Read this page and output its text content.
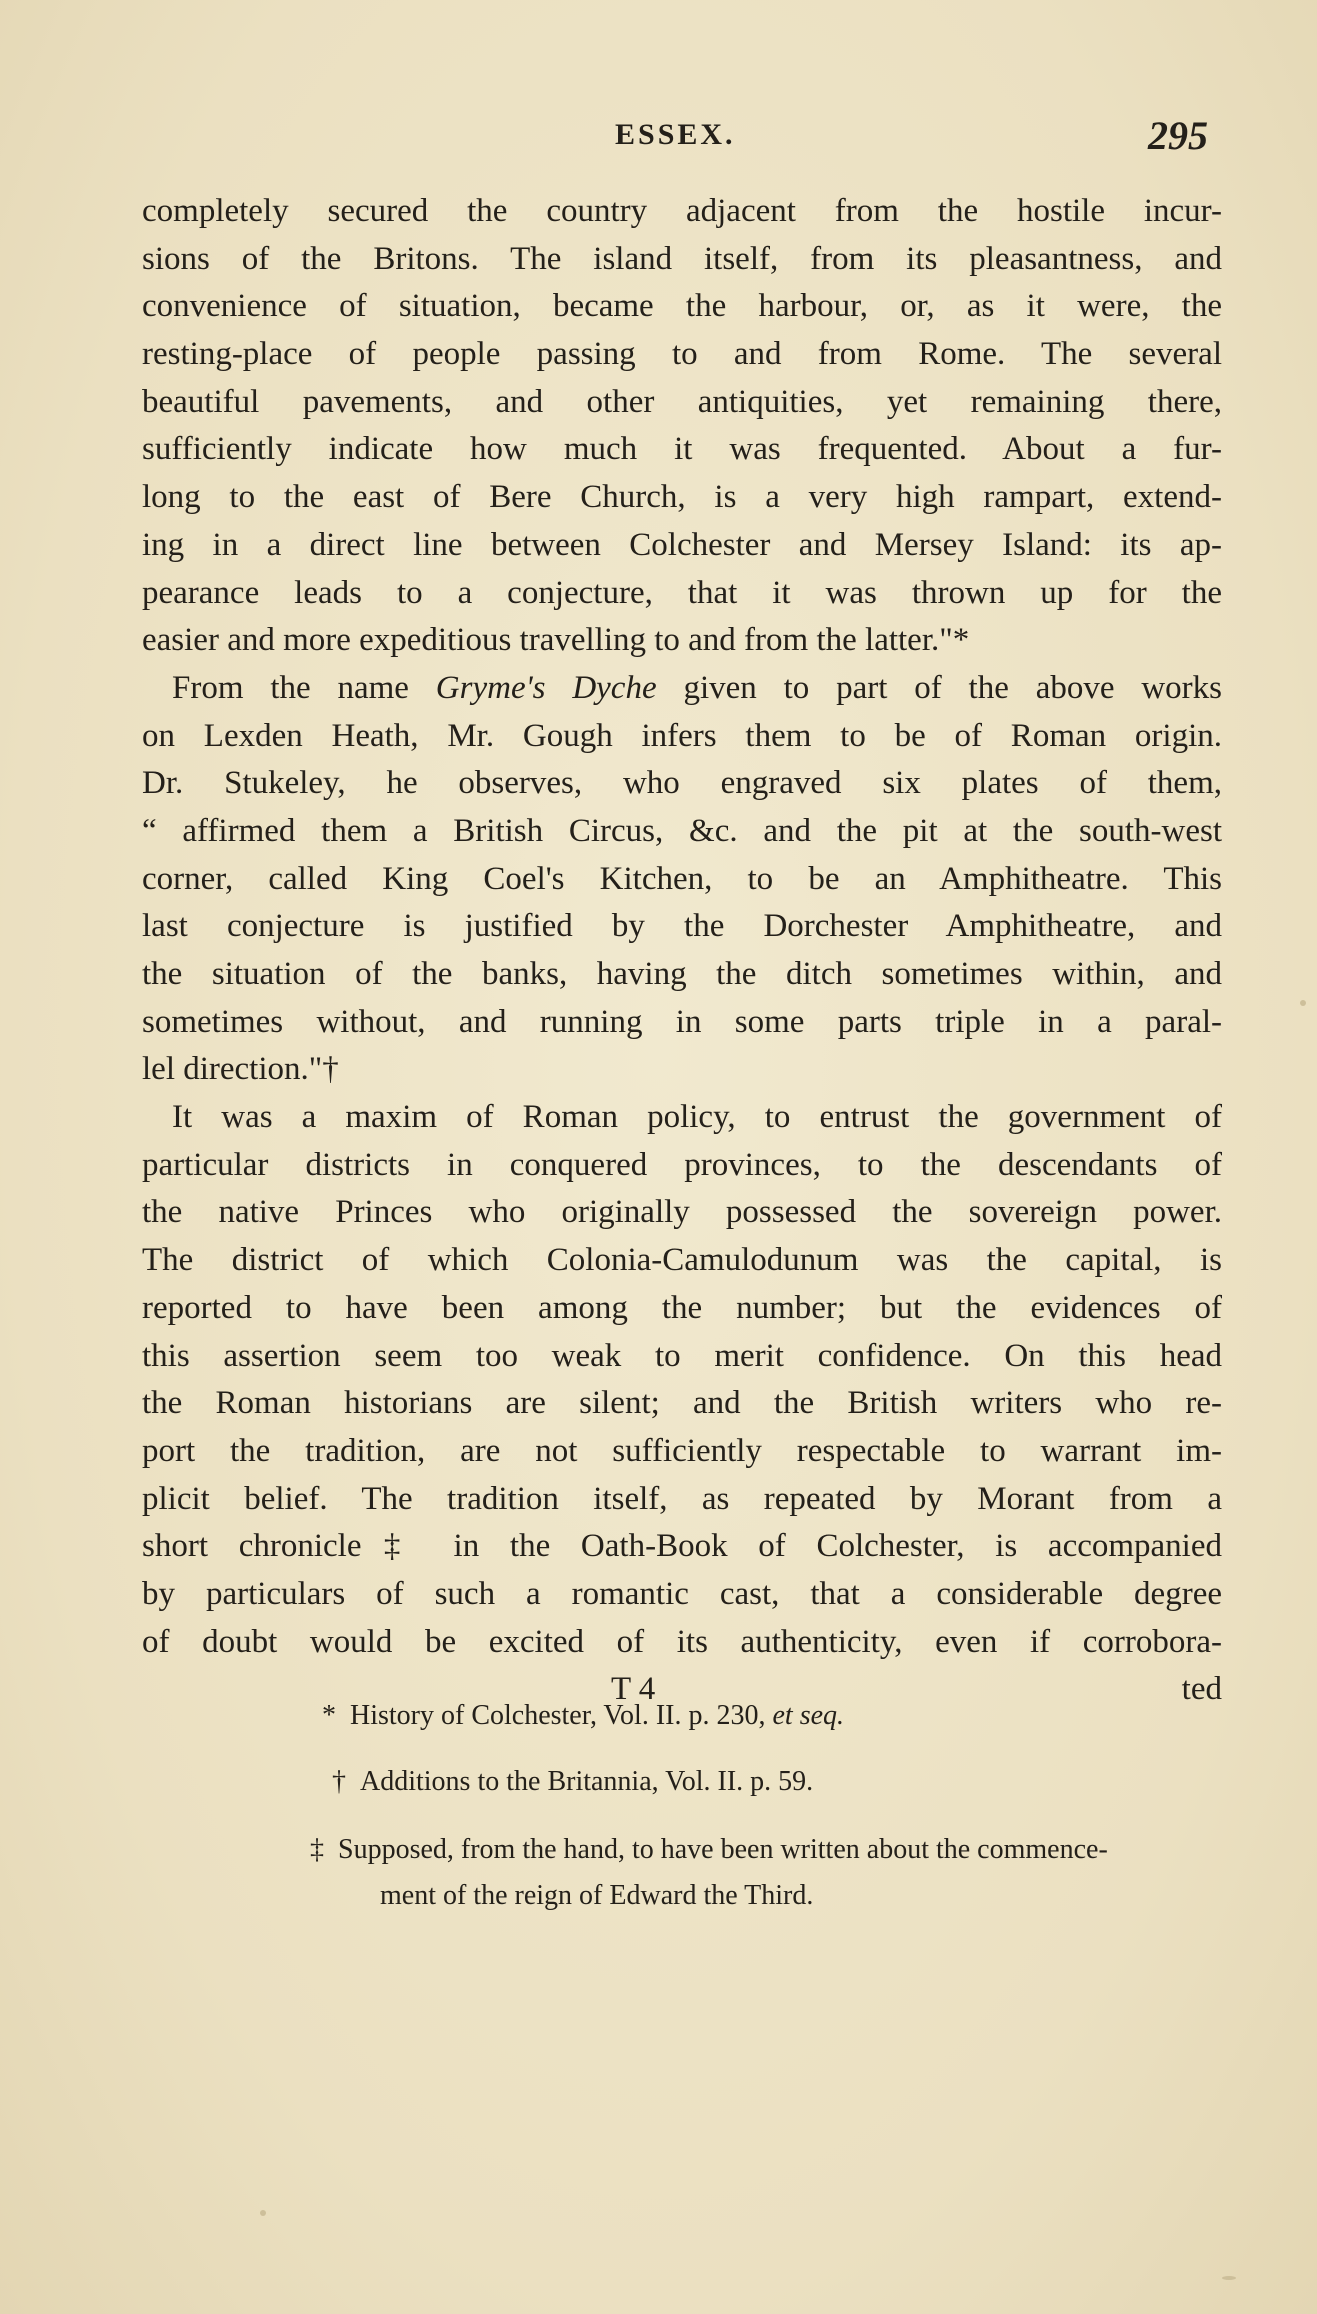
ESSEX.	295
completely secured the country adjacent from the hostile incur-
sions of the Britons. The island itself, from its pleasantness, and
convenience of situation, became the harbour, or, as it were, the
resting-place of people passing to and from Rome. The several
beautiful pavements, and other antiquities, yet remaining there,
sufficiently indicate how much it was frequented. About a fur-
long to the east of Bere Church, is a very high rampart, extend-
ing in a direct line between Colchester and Mersey Island: its ap-
pearance leads to a conjecture, that it was thrown up for the
easier and more expeditious travelling to and from the latter."*
From the name Gryme's Dyche given to part of the above works
on Lexden Heath, Mr. Gough infers them to be of Roman origin.
Dr. Stukeley, he observes, who engraved six plates of them,
“ affirmed them a British Circus, &c. and the pit at the south-west
corner, called King Coel's Kitchen, to be an Amphitheatre. This
last conjecture is justified by the Dorchester Amphitheatre, and
the situation of the banks, having the ditch sometimes within, and
sometimes without, and running in some parts triple in a paral-
lel direction."†
It was a maxim of Roman policy, to entrust the government of
particular districts in conquered provinces, to the descendants of
the native Princes who originally possessed the sovereign power.
The district of which Colonia-Camulodunum was the capital, is
reported to have been among the number; but the evidences of
this assertion seem too weak to merit confidence. On this head
the Roman historians are silent; and the British writers who re-
port the tradition, are not sufficiently respectable to warrant im-
plicit belief. The tradition itself, as repeated by Morant from a
short chronicle‡ in the Oath-Book of Colchester, is accompanied
by particulars of such a romantic cast, that a considerable degree
of doubt would be excited of its authenticity, even if corrobora-
T 4	ted
* History of Colchester, Vol. II. p. 230, et seq.
† Additions to the Britannia, Vol. II. p. 59.
‡ Supposed, from the hand, to have been written about the commence-
ment of the reign of Edward the Third.
